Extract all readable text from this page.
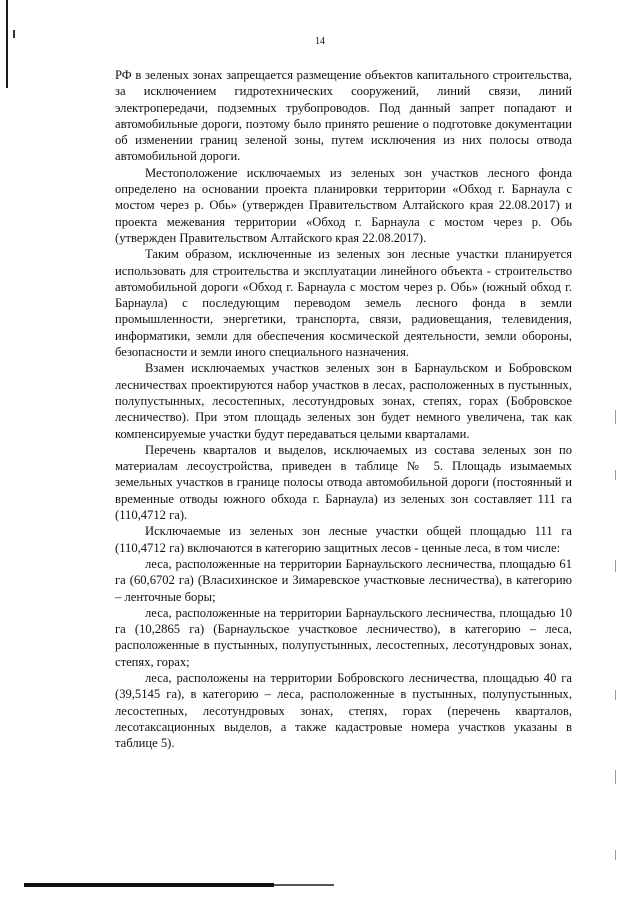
14

РФ в зеленых зонах запрещается размещение объектов капитального строительства, за исключением гидротехнических сооружений, линий связи, линий электропередачи, подземных трубопроводов. Под данный запрет попадают и автомобильные дороги, поэтому было принято решение о подготовке документации об изменении границ зеленой зоны, путем исключения из них полосы отвода автомобильной дороги.

Местоположение исключаемых из зеленых зон участков лесного фонда определено на основании проекта планировки территории «Обход г. Барнаула с мостом через р. Обь» (утвержден Правительством Алтайского края 22.08.2017) и проекта межевания территории «Обход г. Барнаула с мостом через р. Обь (утвержден Правительством Алтайского края 22.08.2017).

Таким образом, исключенные из зеленых зон лесные участки планируется использовать для строительства и эксплуатации линейного объекта - строительство автомобильной дороги «Обход г. Барнаула с мостом через р. Обь» (южный обход г. Барнаула) с последующим переводом земель лесного фонда в земли промышленности, энергетики, транспорта, связи, радиовещания, телевидения, информатики, земли для обеспечения космической деятельности, земли обороны, безопасности и земли иного специального назначения.

Взамен исключаемых участков зеленых зон в Барнаульском и Бобровском лесничествах проектируются набор участков в лесах, расположенных в пустынных, полупустынных, лесостепных, лесотундровых зонах, степях, горах (Бобровское лесничество). При этом площадь зеленых зон будет немного увеличена, так как компенсируемые участки будут передаваться целыми кварталами.

Перечень кварталов и выделов, исключаемых из состава зеленых зон по материалам лесоустройства, приведен в таблице № 5. Площадь изымаемых земельных участков в границе полосы отвода автомобильной дороги (постоянный и временные отводы южного обхода г. Барнаула) из зеленых зон составляет 111 га (110,4712 га).

Исключаемые из зеленых зон лесные участки общей площадью 111 га (110,4712 га) включаются в категорию защитных лесов - ценные леса, в том числе:

леса, расположенные на территории Барнаульского лесничества, площадью 61 га (60,6702 га) (Власихинское и Зимаревское участковые лесничества), в категорию – ленточные боры;

леса, расположенные на территории Барнаульского лесничества, площадью 10 га (10,2865 га) (Барнаульское участковое лесничество), в категорию – леса, расположенные в пустынных, полупустынных, лесостепных, лесотундровых зонах, степях, горах;

леса, расположены на территории Бобровского лесничества, площадью 40 га (39,5145 га), в категорию – леса, расположенные в пустынных, полупустынных, лесостепных, лесотундровых зонах, степях, горах (перечень кварталов, лесотаксационных выделов, а также кадастровые номера участков указаны в таблице 5).
